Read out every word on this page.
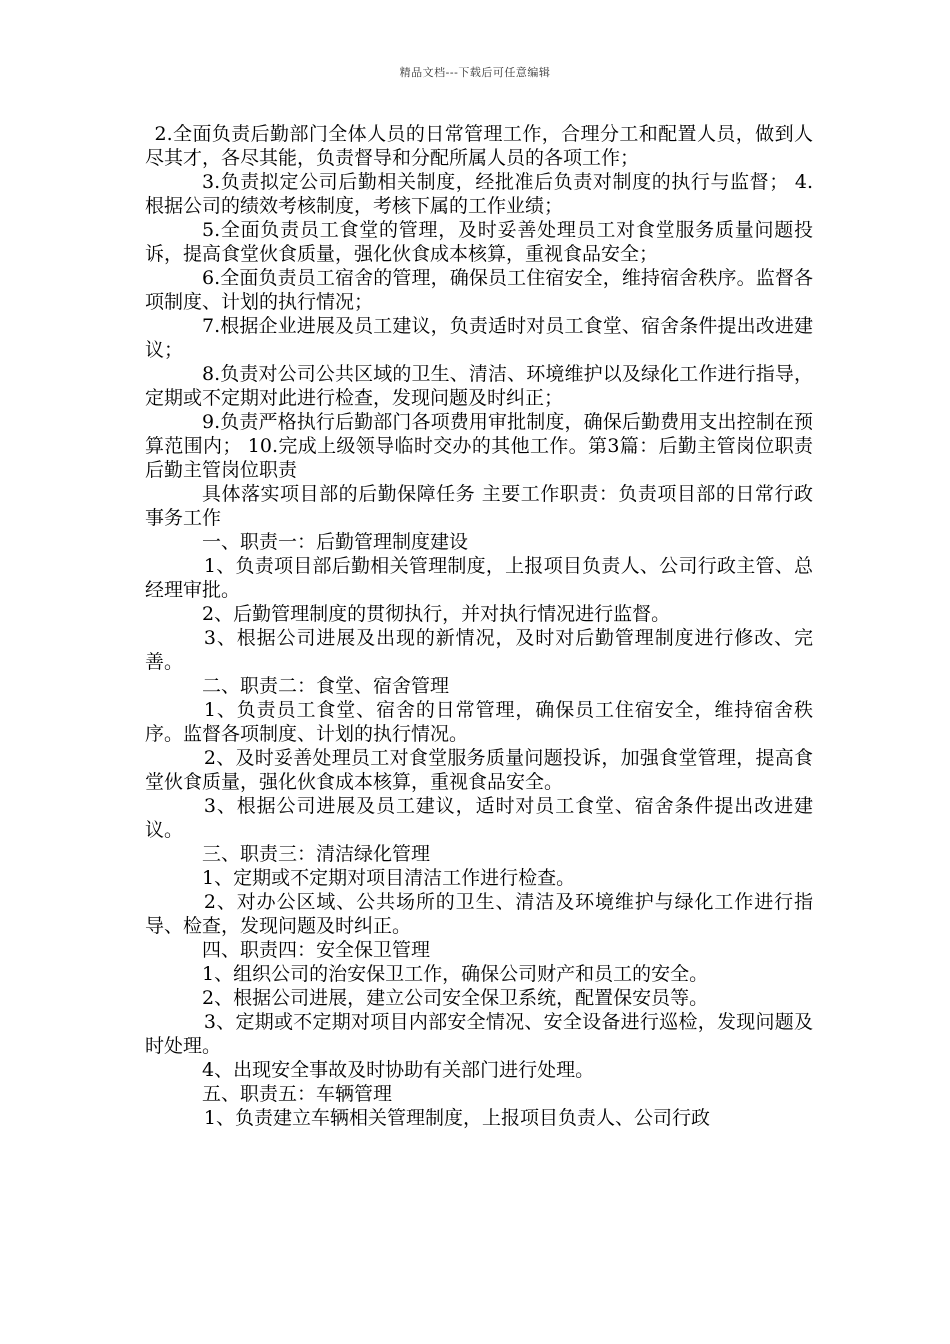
精品文档---下载后可任意编辑

2.全面负责后勤部门全体人员的日常管理工作，合理分工和配置人员，做到人尽其才，各尽其能，负责督导和分配所属人员的各项工作；

3.负责拟定公司后勤相关制度，经批准后负责对制度的执行与监督； 4.根据公司的绩效考核制度，考核下属的工作业绩；

5.全面负责员工食堂的管理，及时妥善处理员工对食堂服务质量问题投诉，提高食堂伙食质量，强化伙食成本核算，重视食品安全；

6.全面负责员工宿舍的管理，确保员工住宿安全，维持宿舍秩序。监督各项制度、计划的执行情况；

7.根据企业进展及员工建议，负责适时对员工食堂、宿舍条件提出改进建议；

8.负责对公司公共区域的卫生、清洁、环境维护以及绿化工作进行指导，定期或不定期对此进行检查，发现问题及时纠正；

9.负责严格执行后勤部门各项费用审批制度，确保后勤费用支出控制在预算范围内； 10.完成上级领导临时交办的其他工作。第3篇：后勤主管岗位职责后勤主管岗位职责

具体落实项目部的后勤保障任务 主要工作职责：负责项目部的日常行政事务工作

一、职责一：后勤管理制度建设

1、负责项目部后勤相关管理制度，上报项目负责人、公司行政主管、总经理审批。

2、后勤管理制度的贯彻执行，并对执行情况进行监督。

3、根据公司进展及出现的新情况，及时对后勤管理制度进行修改、完善。

二、职责二：食堂、宿舍管理

1、负责员工食堂、宿舍的日常管理，确保员工住宿安全，维持宿舍秩序。监督各项制度、计划的执行情况。

2、及时妥善处理员工对食堂服务质量问题投诉，加强食堂管理，提高食堂伙食质量，强化伙食成本核算，重视食品安全。

3、根据公司进展及员工建议，适时对员工食堂、宿舍条件提出改进建议。

三、职责三：清洁绿化管理

1、定期或不定期对项目清洁工作进行检查。

2、对办公区域、公共场所的卫生、清洁及环境维护与绿化工作进行指导、检查，发现问题及时纠正。

四、职责四：安全保卫管理

1、组织公司的治安保卫工作，确保公司财产和员工的安全。

2、根据公司进展，建立公司安全保卫系统，配置保安员等。

3、定期或不定期对项目内部安全情况、安全设备进行巡检，发现问题及时处理。

4、出现安全事故及时协助有关部门进行处理。

五、职责五：车辆管理

1、负责建立车辆相关管理制度，上报项目负责人、公司行政
